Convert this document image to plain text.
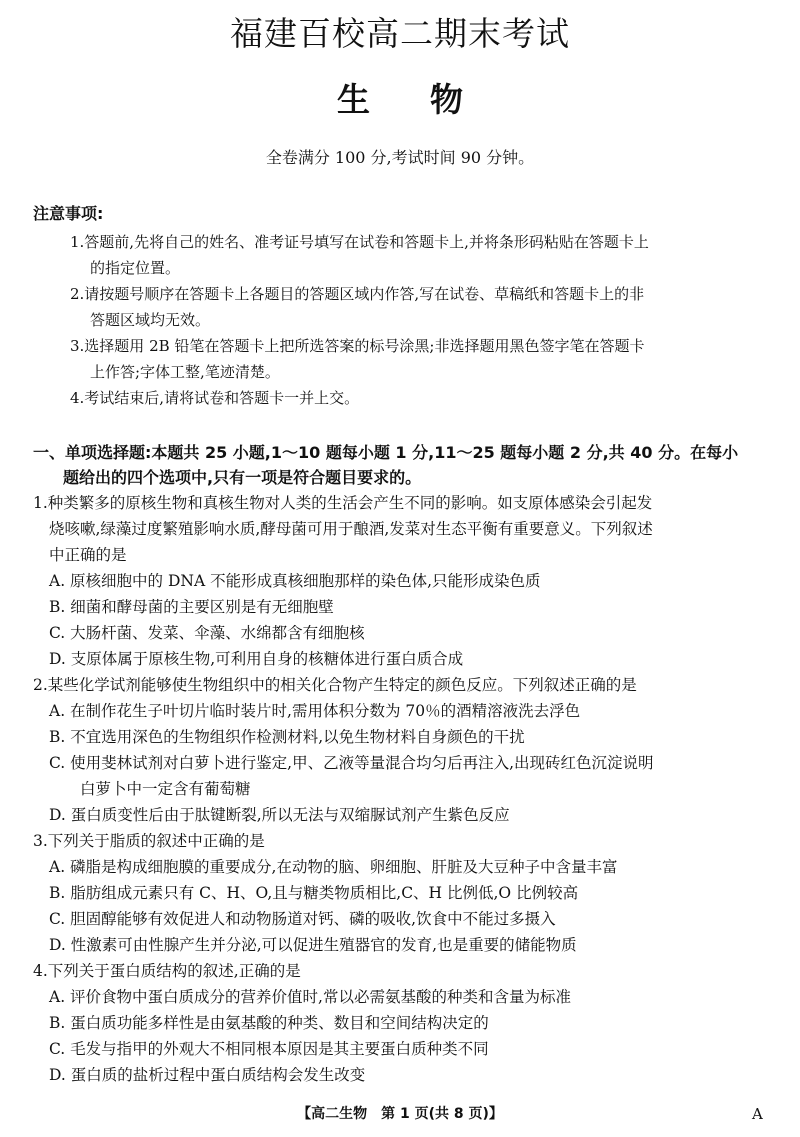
福建百校高二期末考试
生 物
全卷满分 100 分,考试时间 90 分钟。
注意事项:
1.答题前,先将自己的姓名、准考证号填写在试卷和答题卡上,并将条形码粘贴在答题卡上
的指定位置。
2.请按题号顺序在答题卡上各题目的答题区域内作答,写在试卷、草稿纸和答题卡上的非
答题区域均无效。
3.选择题用 2B 铅笔在答题卡上把所选答案的标号涂黑;非选择题用黑色签字笔在答题卡
上作答;字体工整,笔迹清楚。
4.考试结束后,请将试卷和答题卡一并上交。
一、单项选择题:本题共 25 小题,1～10 题每小题 1 分,11～25 题每小题 2 分,共 40 分。在每小
题给出的四个选项中,只有一项是符合题目要求的。
1.种类繁多的原核生物和真核生物对人类的生活会产生不同的影响。如支原体感染会引起发
烧咳嗽,绿藻过度繁殖影响水质,酵母菌可用于酿酒,发菜对生态平衡有重要意义。下列叙述
中正确的是
A. 原核细胞中的 DNA 不能形成真核细胞那样的染色体,只能形成染色质
B. 细菌和酵母菌的主要区别是有无细胞壁
C. 大肠杆菌、发菜、伞藻、水绵都含有细胞核
D. 支原体属于原核生物,可利用自身的核糖体进行蛋白质合成
2.某些化学试剂能够使生物组织中的相关化合物产生特定的颜色反应。下列叙述正确的是
A. 在制作花生子叶切片临时装片时,需用体积分数为 70％的酒精溶液洗去浮色
B. 不宜选用深色的生物组织作检测材料,以免生物材料自身颜色的干扰
C. 使用斐林试剂对白萝卜进行鉴定,甲、乙液等量混合均匀后再注入,出现砖红色沉淀说明
白萝卜中一定含有葡萄糖
D. 蛋白质变性后由于肽键断裂,所以无法与双缩脲试剂产生紫色反应
3.下列关于脂质的叙述中正确的是
A. 磷脂是构成细胞膜的重要成分,在动物的脑、卵细胞、肝脏及大豆种子中含量丰富
B. 脂肪组成元素只有 C、H、O,且与糖类物质相比,C、H 比例低,O 比例较高
C. 胆固醇能够有效促进人和动物肠道对钙、磷的吸收,饮食中不能过多摄入
D. 性激素可由性腺产生并分泌,可以促进生殖器官的发育,也是重要的储能物质
4.下列关于蛋白质结构的叙述,正确的是
A. 评价食物中蛋白质成分的营养价值时,常以必需氨基酸的种类和含量为标准
B. 蛋白质功能多样性是由氨基酸的种类、数目和空间结构决定的
C. 毛发与指甲的外观大不相同根本原因是其主要蛋白质种类不同
D. 蛋白质的盐析过程中蛋白质结构会发生改变
【高二生物　第 1 页(共 8 页)】	A
